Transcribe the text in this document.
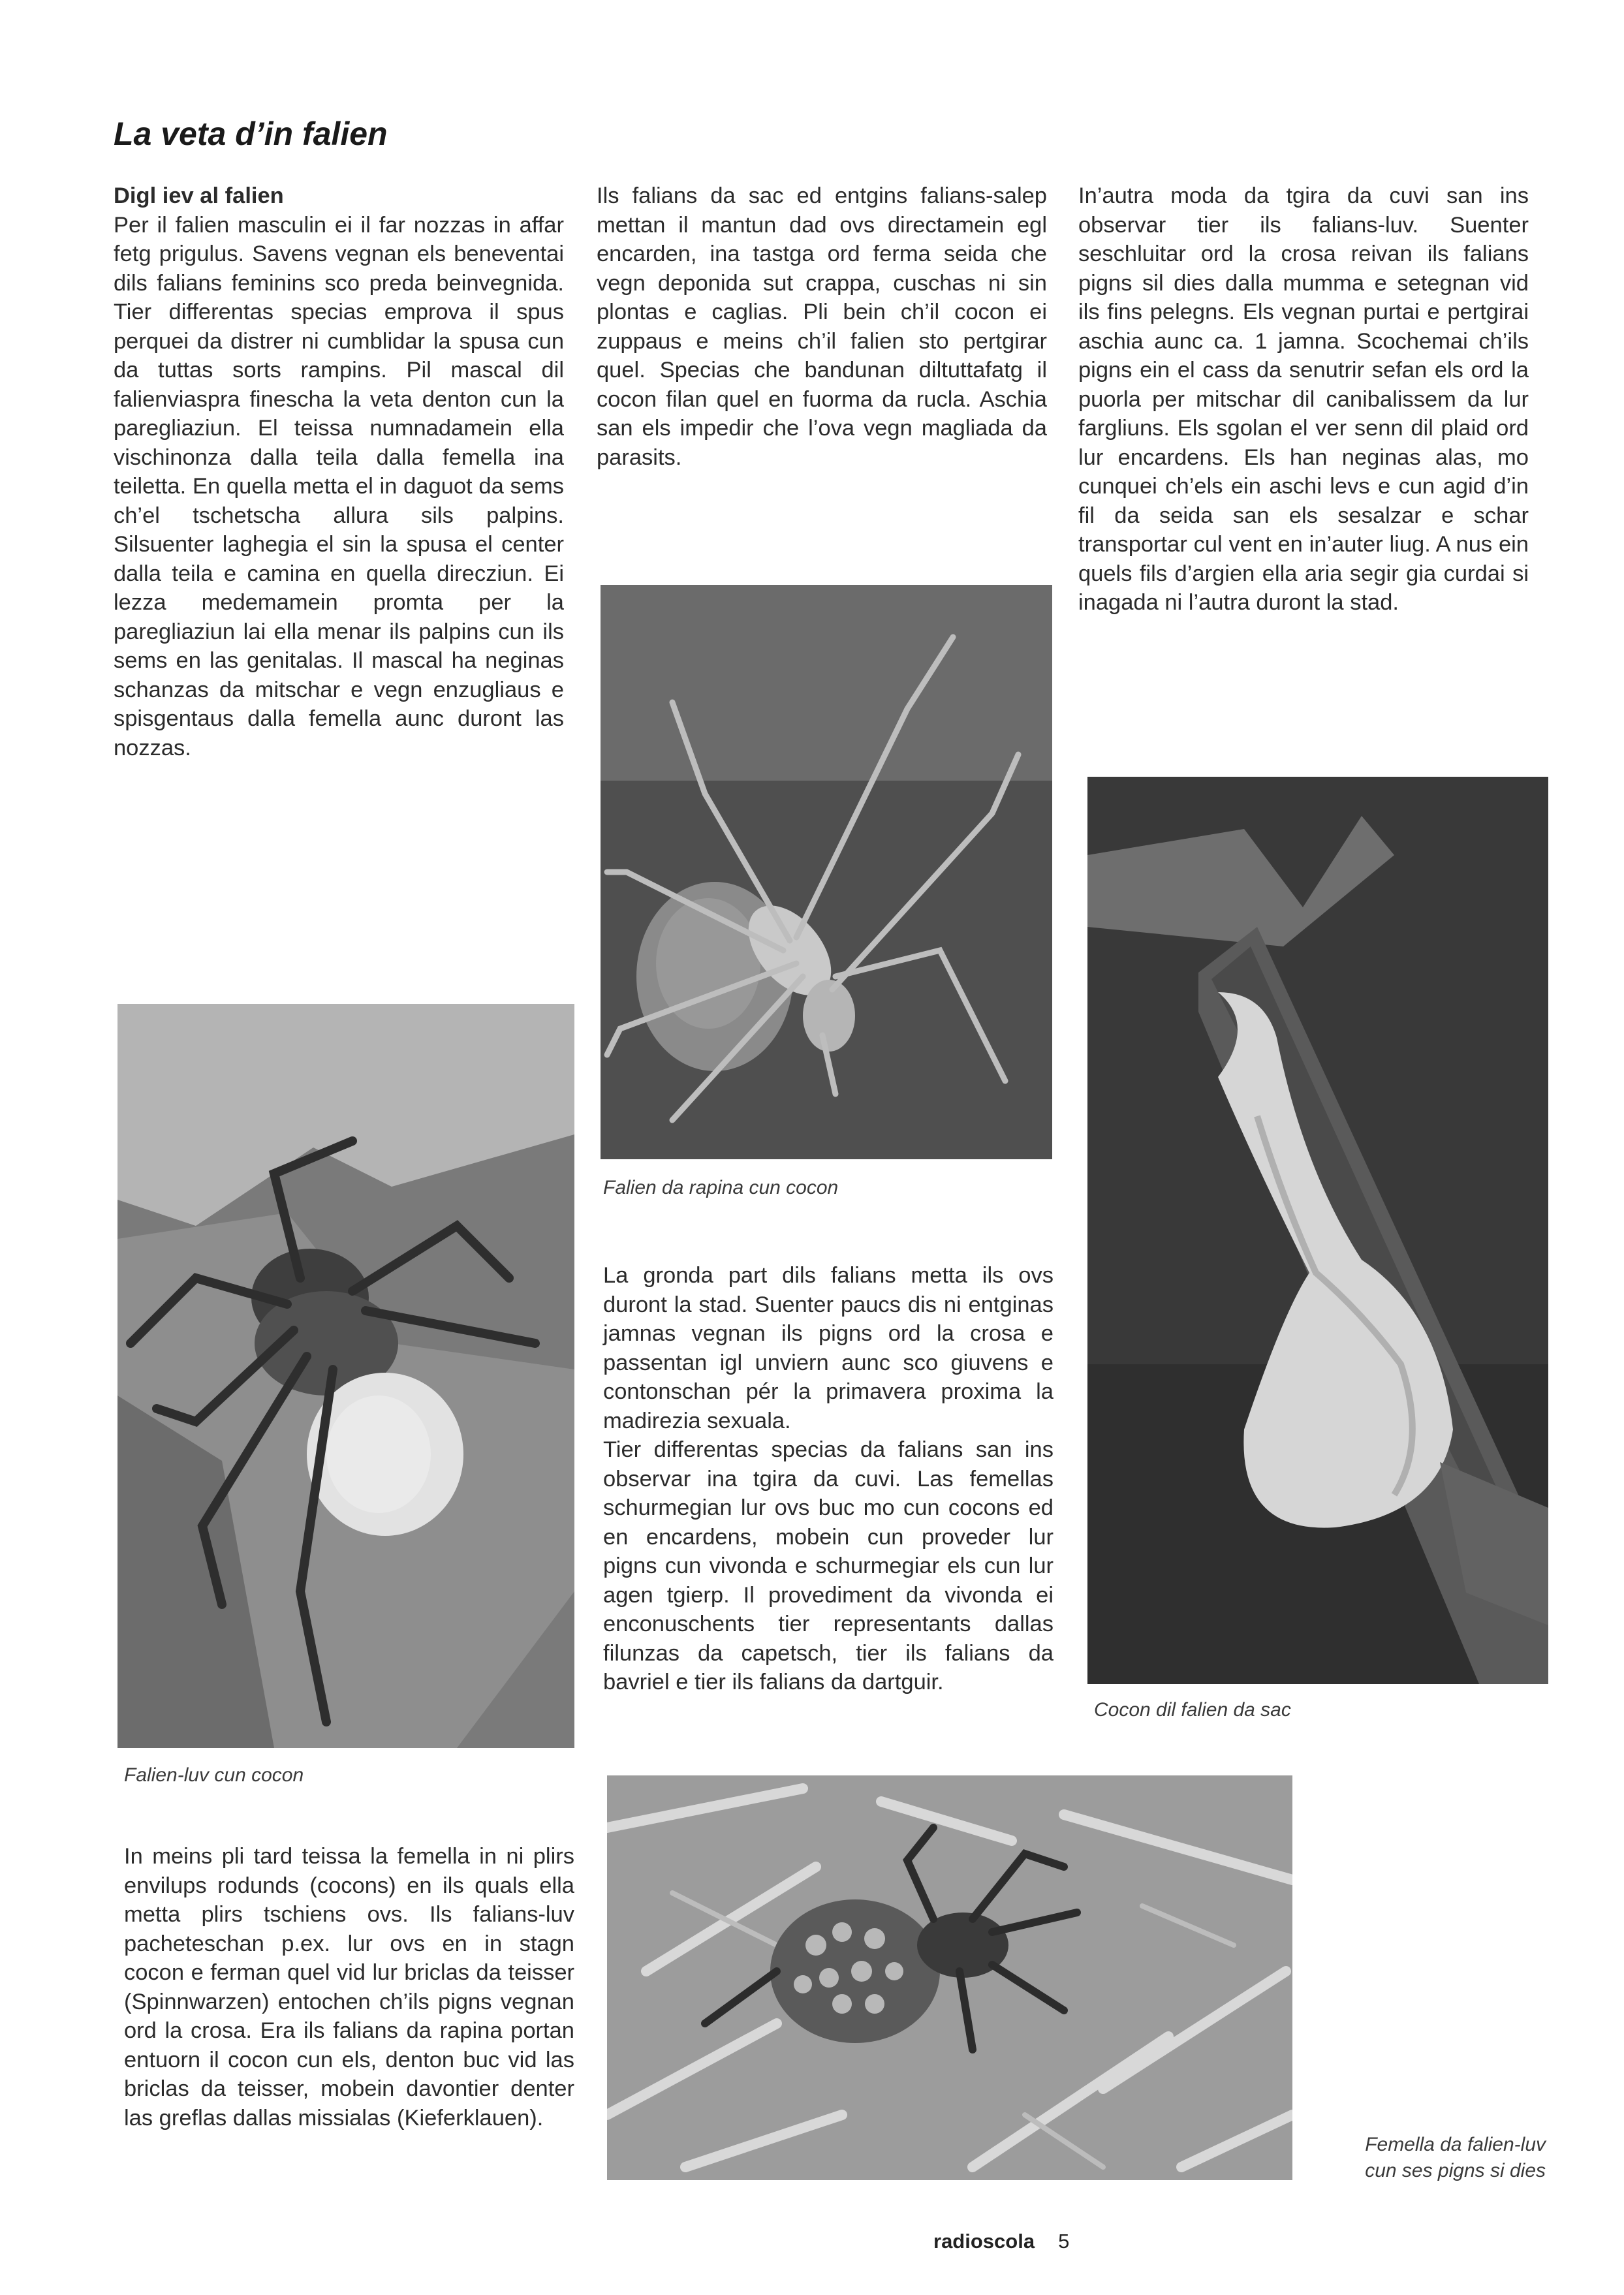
La veta d’in falien

Digl iev al falien

Per il falien masculin ei il far nozzas in affar fetg prigulus. Savens vegnan els beneventai dils falians feminins sco preda beinvegnida. Tier differentas specias emprova il spus perquei da distrer ni cumblidar la spusa cun da tuttas sorts rampins. Pil mascal dil falienviaspra finescha la veta denton cun la paregliaziun. El teissa numnadamein ella vischinonza dalla teila dalla femella ina teiletta. En quella metta el in daguot da sems ch’el tschetscha allura sils palpins. Silsuenter laghegia el sin la spusa el center dalla teila e camina en quella direcziun. Ei lezza medemamein promta per la paregliaziun lai ella menar ils palpins cun ils sems en las genitalas. Il mascal ha neginas schanzas da mitschar e vegn enzugliaus e spisgentaus dalla femella aunc duront las nozzas.

Ils falians da sac ed entgins falians-salep mettan il mantun dad ovs directamein egl encarden, ina tastga ord ferma seida che vegn deponida sut crappa, cuschas ni sin plontas e caglias. Pli bein ch’il cocon ei zuppaus e meins ch’il falien sto pertgirar quel. Specias che bandunan diltuttafatg il cocon filan quel en fuorma da rucla. Aschia san els impedir che l’ova vegn magliada da parasits.

In’autra moda da tgira da cuvi san ins observar tier ils falians-luv. Suenter seschluitar ord la crosa reivan ils falians pigns sil dies dalla mumma e setegnan vid ils fins pelegns. Els vegnan purtai e pertgirai aschia aunc ca. 1 jamna. Scochemai ch’ils pigns ein el cass da senutrir sefan els ord la puorla per mitschar dil canibalissem da lur fargliuns. Els sgolan el ver senn dil plaid ord lur encardens. Els han neginas alas, mo cunquei ch’els ein aschi levs e cun agid d’in fil da seida san els sesalzar e schar transportar cul vent en in’auter liug. A nus ein quels fils d’argien ella aria segir gia curdai si inagada ni l’autra duront la stad.

Falien da rapina cun cocon
Cocon dil falien da sac
Falien-luv cun cocon

La gronda part dils falians metta ils ovs duront la stad. Suenter paucs dis ni entginas jamnas vegnan ils pigns ord la crosa e passentan igl unviern aunc sco giuvens e contonschan pér la primavera proxima la madirezia sexuala.

Tier differentas specias da falians san ins observar ina tgira da cuvi. Las femellas schurmegian lur ovs buc mo cun cocons ed en encardens, mobein cun proveder lur pigns cun vivonda e schurmegiar els cun lur agen tgierp. Il provediment da vivonda ei enconuschents tier representants dallas filunzas da capetsch, tier ils falians da bavriel e tier ils falians da dartguir.

In meins pli tard teissa la femella in ni plirs envilups rodunds (cocons) en ils quals ella metta plirs tschiens ovs. Ils falians-luv pacheteschan p.ex. lur ovs en in stagn cocon e ferman quel vid lur briclas da teisser (Spinnwarzen) entochen ch’ils pigns vegnan ord la crosa. Era ils falians da rapina portan entuorn il cocon cun els, denton buc vid las briclas da teisser, mobein davontier denter las greflas dallas missialas (Kieferklauen).

Femella da falien-luv
cun ses pigns si dies
radioscola 5
